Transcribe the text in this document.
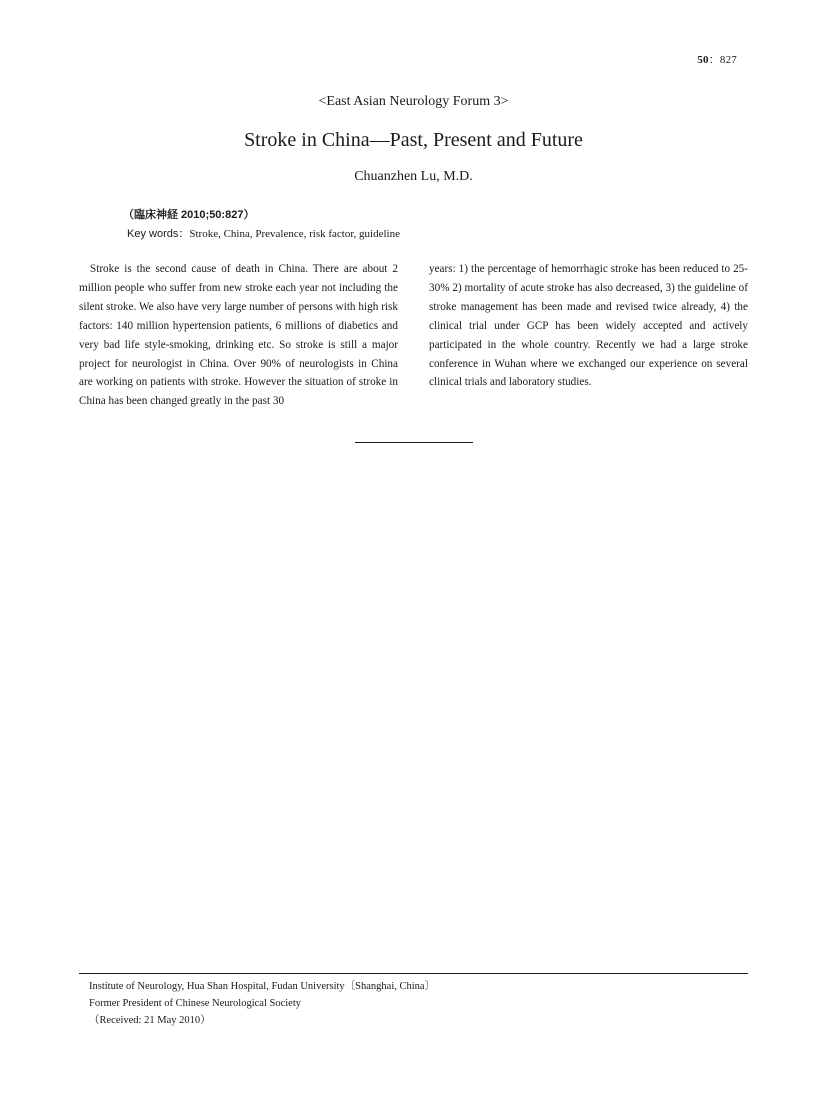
50：827
<East Asian Neurology Forum 3>
Stroke in China—Past, Present and Future
Chuanzhen Lu, M.D.
（臨床神経 2010;50:827）
Key words：Stroke, China, Prevalence, risk factor, guideline

Stroke is the second cause of death in China. There are about 2 million people who suffer from new stroke each year not including the silent stroke. We also have very large number of persons with high risk factors: 140 million hypertension patients, 6 millions of diabetics and very bad life style-smoking, drinking etc. So stroke is still a major project for neurologist in China. Over 90% of neurologists in China are working on patients with stroke. However the situation of stroke in China has been changed greatly in the past 30

years: 1) the percentage of hemorrhagic stroke has been reduced to 25-30% 2) mortality of acute stroke has also decreased, 3) the guideline of stroke management has been made and revised twice already, 4) the clinical trial under GCP has been widely accepted and actively participated in the whole country. Recently we had a large stroke conference in Wuhan where we exchanged our experience on several clinical trials and laboratory studies.

Institute of Neurology, Hua Shan Hospital, Fudan University〔Shanghai, China〕
Former President of Chinese Neurological Society
（Received: 21 May 2010）
